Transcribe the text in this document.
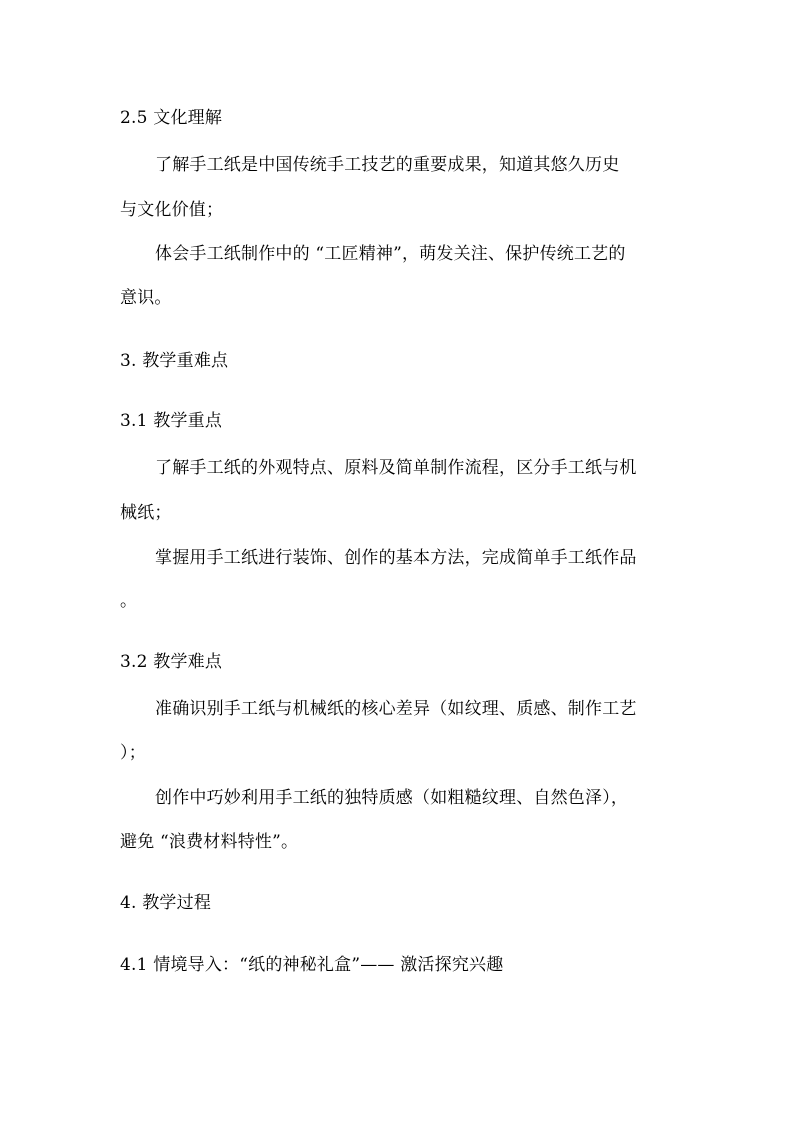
2.5 文化理解
了解手工纸是中国传统手工技艺的重要成果，知道其悠久历史
与文化价值；
体会手工纸制作中的 “工匠精神”，萌发关注、保护传统工艺的
意识。
3. 教学重难点
3.1 教学重点
了解手工纸的外观特点、原料及简单制作流程，区分手工纸与机
械纸；
掌握用手工纸进行装饰、创作的基本方法，完成简单手工纸作品
。
3.2 教学难点
准确识别手工纸与机械纸的核心差异（如纹理、质感、制作工艺
）；
创作中巧妙利用手工纸的独特质感（如粗糙纹理、自然色泽），
避免 “浪费材料特性”。
4. 教学过程
4.1 情境导入：“纸的神秘礼盒”—— 激活探究兴趣
